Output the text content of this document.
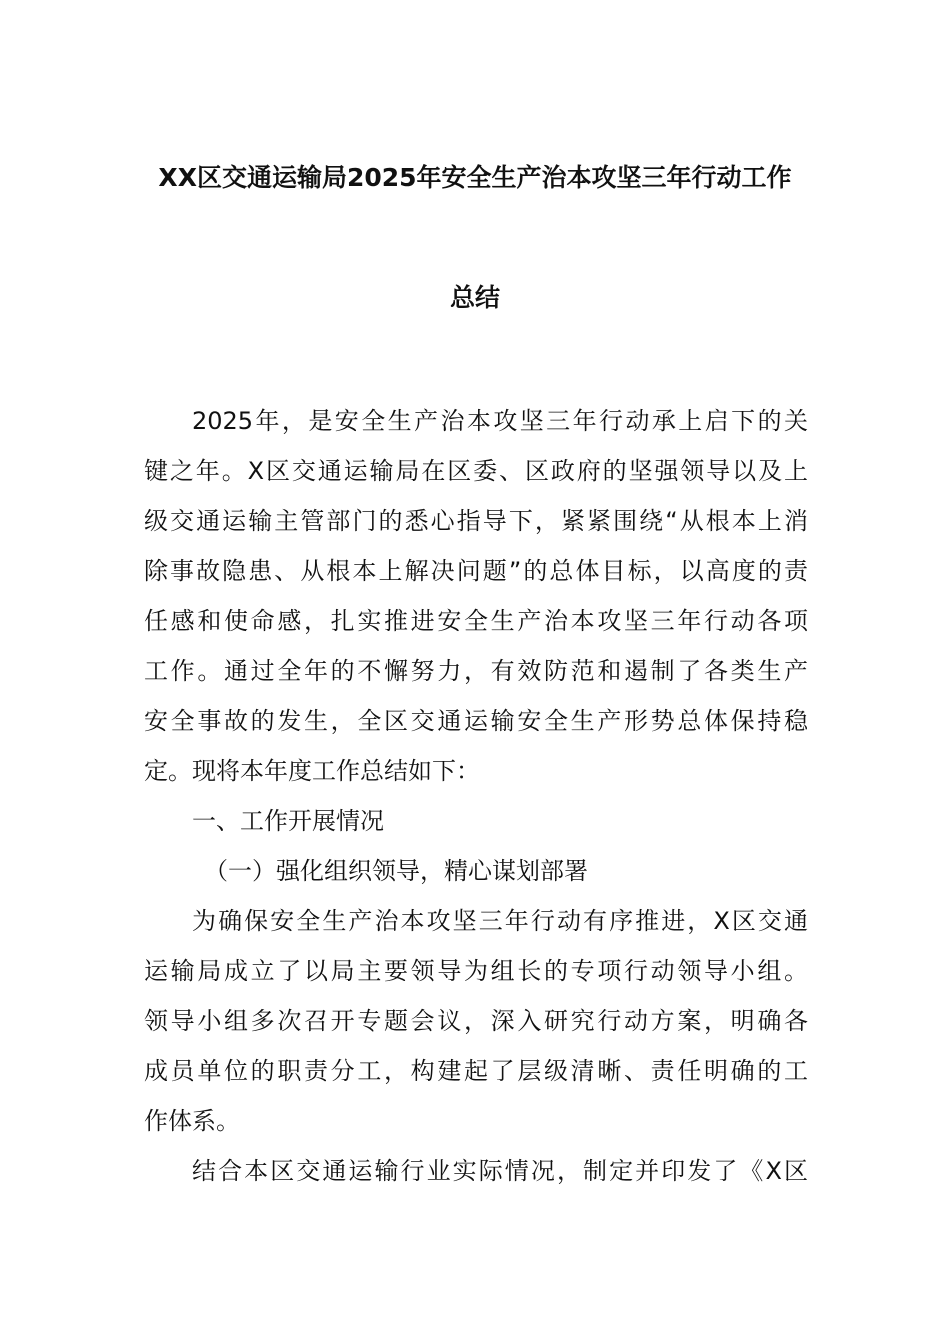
XX区交通运输局2025年安全生产治本攻坚三年行动工作
总结
2025年，是安全生产治本攻坚三年行动承上启下的关
键之年。X区交通运输局在区委、区政府的坚强领导以及上
级交通运输主管部门的悉心指导下，紧紧围绕“从根本上消
除事故隐患、从根本上解决问题”的总体目标，以高度的责
任感和使命感，扎实推进安全生产治本攻坚三年行动各项
工作。通过全年的不懈努力，有效防范和遏制了各类生产
安全事故的发生，全区交通运输安全生产形势总体保持稳
定。现将本年度工作总结如下：
一、工作开展情况
（一）强化组织领导，精心谋划部署
为确保安全生产治本攻坚三年行动有序推进，X区交通
运输局成立了以局主要领导为组长的专项行动领导小组。
领导小组多次召开专题会议，深入研究行动方案，明确各
成员单位的职责分工，构建起了层级清晰、责任明确的工
作体系。
结合本区交通运输行业实际情况，制定并印发了《X区
